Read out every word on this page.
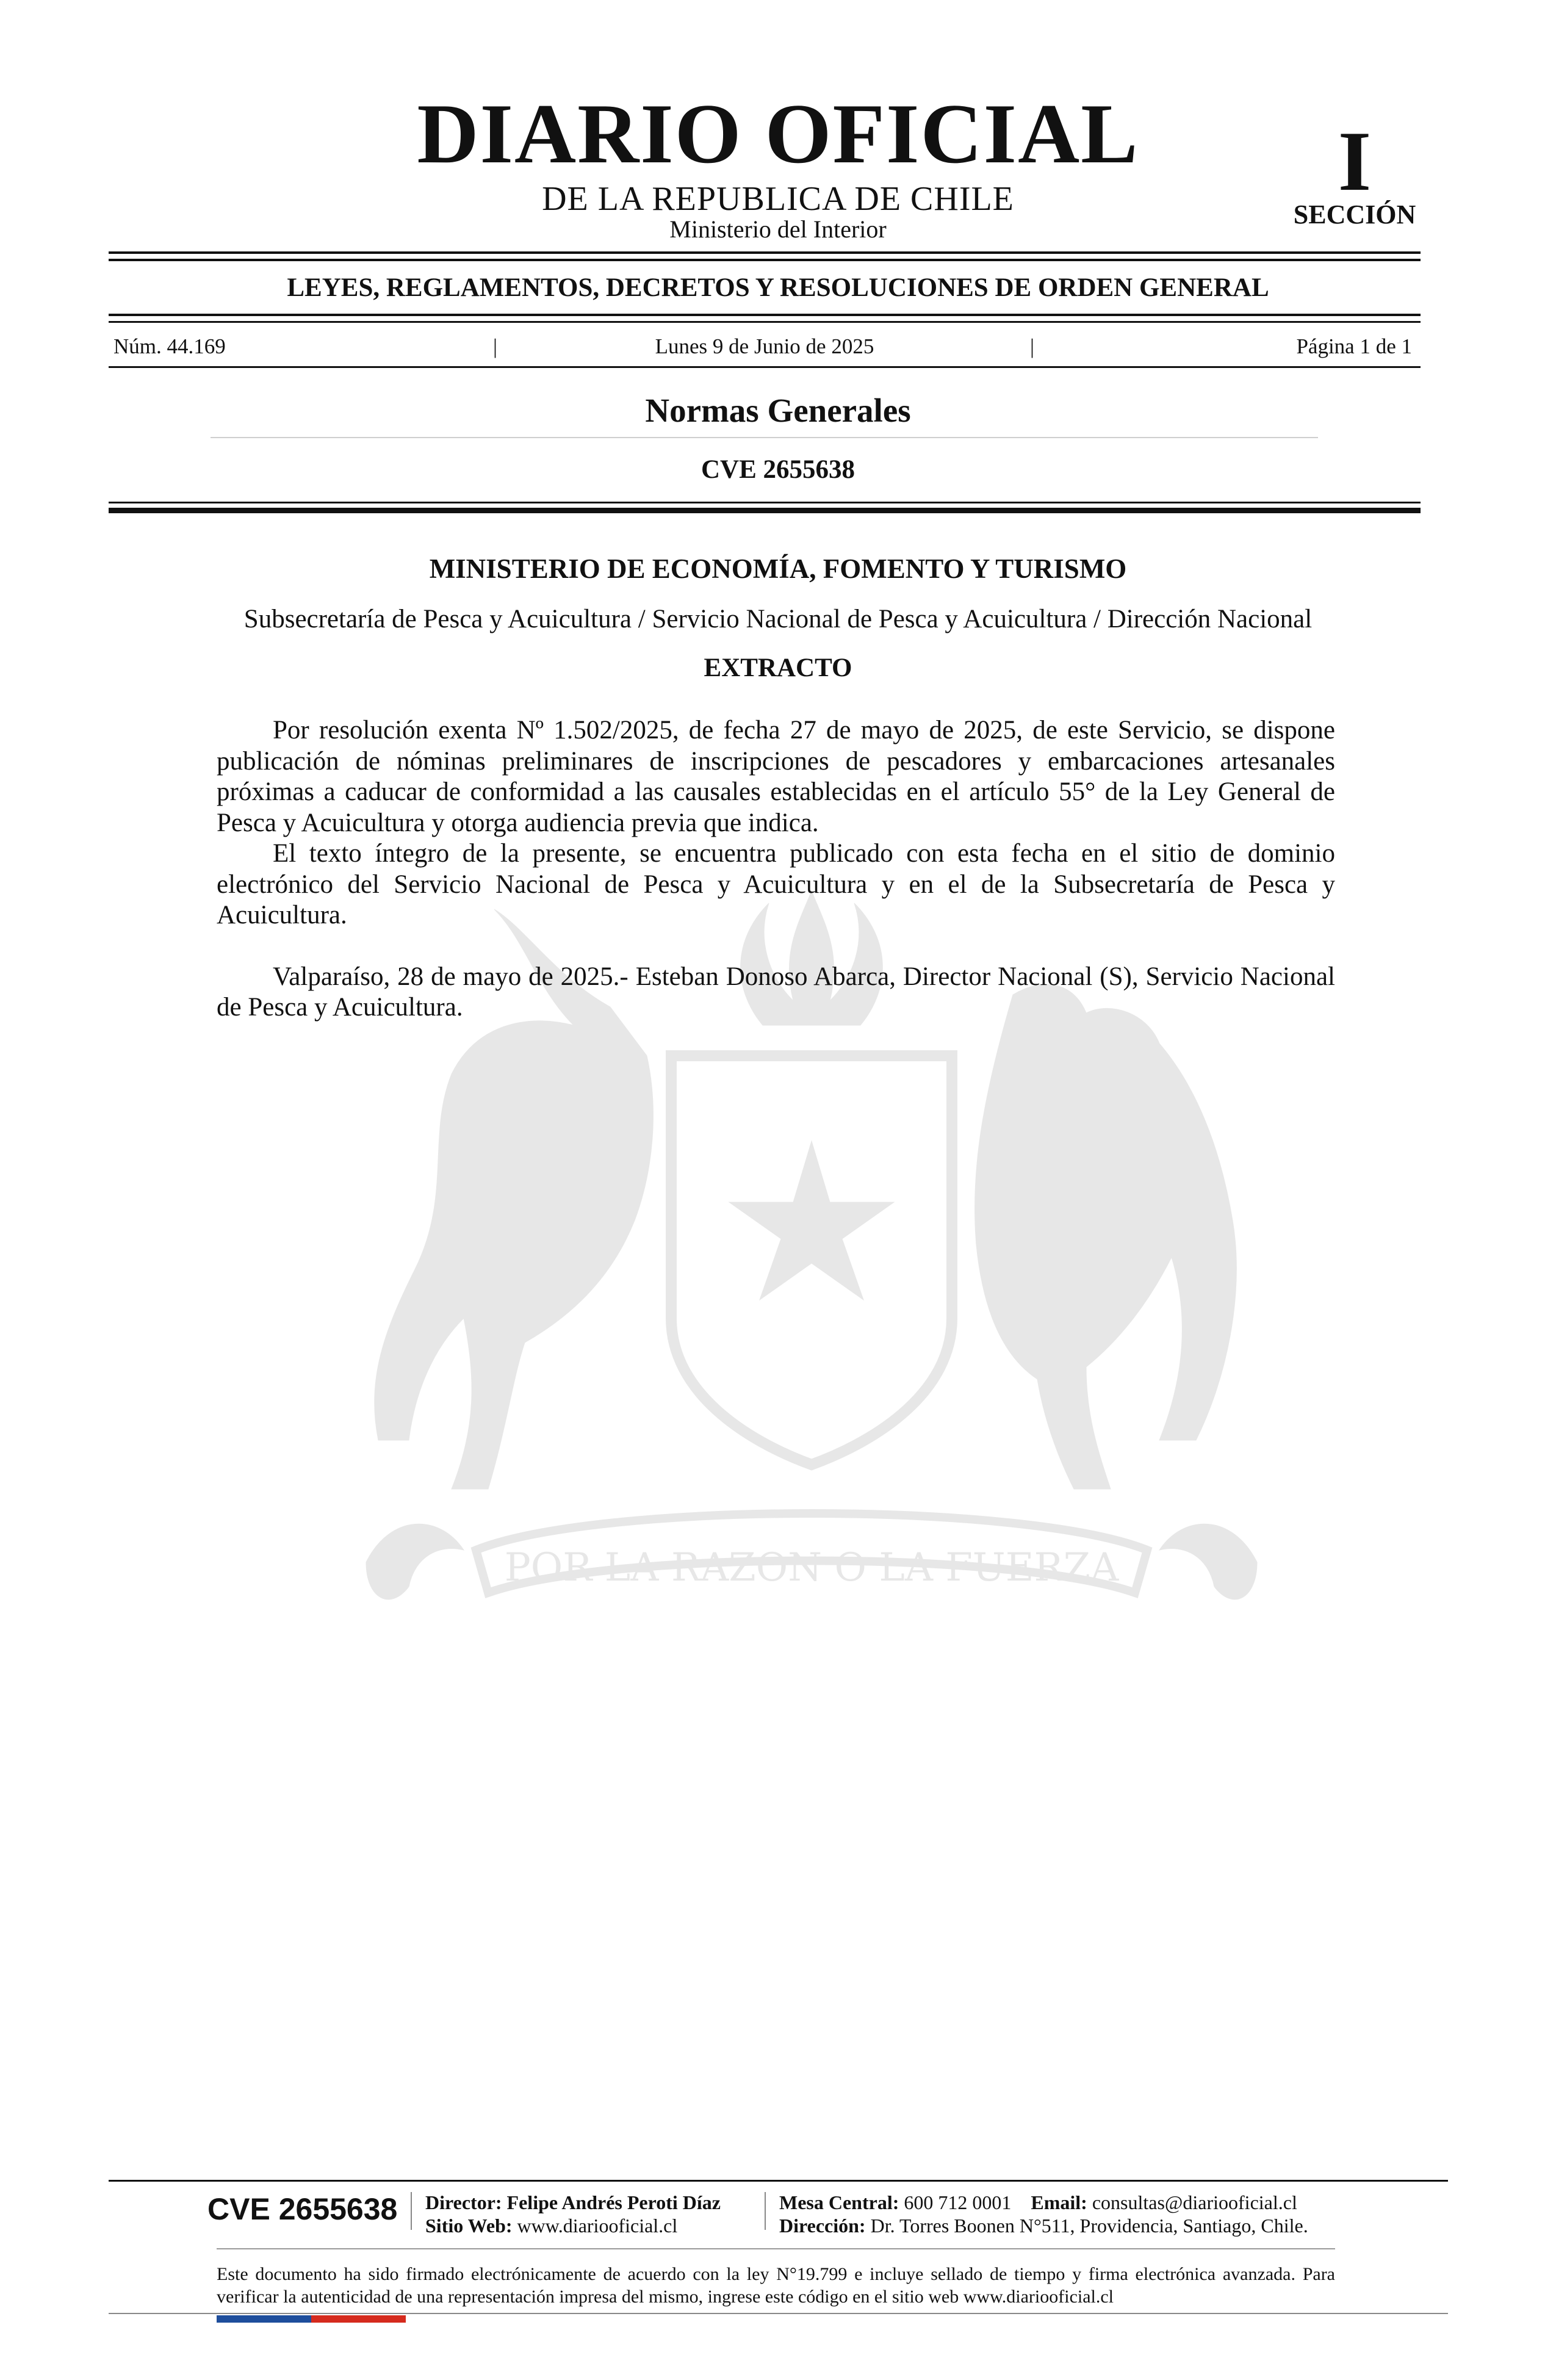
POR LA RAZON O LA FUERZA
DIARIO OFICIAL
DE LA REPUBLICA DE CHILE
Ministerio del Interior
I
SECCIÓN
LEYES, REGLAMENTOS, DECRETOS Y RESOLUCIONES DE ORDEN GENERAL
Núm. 44.169	|	Lunes 9 de Junio de 2025	|	Página 1 de 1
Normas Generales
CVE 2655638
MINISTERIO DE ECONOMÍA, FOMENTO Y TURISMO
Subsecretaría de Pesca y Acuicultura / Servicio Nacional de Pesca y Acuicultura / Dirección Nacional
EXTRACTO

Por resolución exenta Nº 1.502/2025, de fecha 27 de mayo de 2025, de este Servicio, se dispone publicación de nóminas preliminares de inscripciones de pescadores y embarcaciones artesanales próximas a caducar de conformidad a las causales establecidas en el artículo 55° de la Ley General de Pesca y Acuicultura y otorga audiencia previa que indica.

El texto íntegro de la presente, se encuentra publicado con esta fecha en el sitio de dominio electrónico del Servicio Nacional de Pesca y Acuicultura y en el de la Subsecretaría de Pesca y Acuicultura.

Valparaíso, 28 de mayo de 2025.- Esteban Donoso Abarca, Director Nacional (S), Servicio Nacional de Pesca y Acuicultura.

CVE 2655638 Director: Felipe Andrés Peroti Díaz
Sitio Web: www.diariooficial.cl
Mesa Central: 600 712 0001 Email: consultas@diariooficial.cl
Dirección: Dr. Torres Boonen N°511, Providencia, Santiago, Chile.
Este documento ha sido firmado electrónicamente de acuerdo con la ley N°19.799 e incluye sellado de tiempo y firma electrónica avanzada. Para verificar la autenticidad de una representación impresa del mismo, ingrese este código en el sitio web www.diariooficial.cl
